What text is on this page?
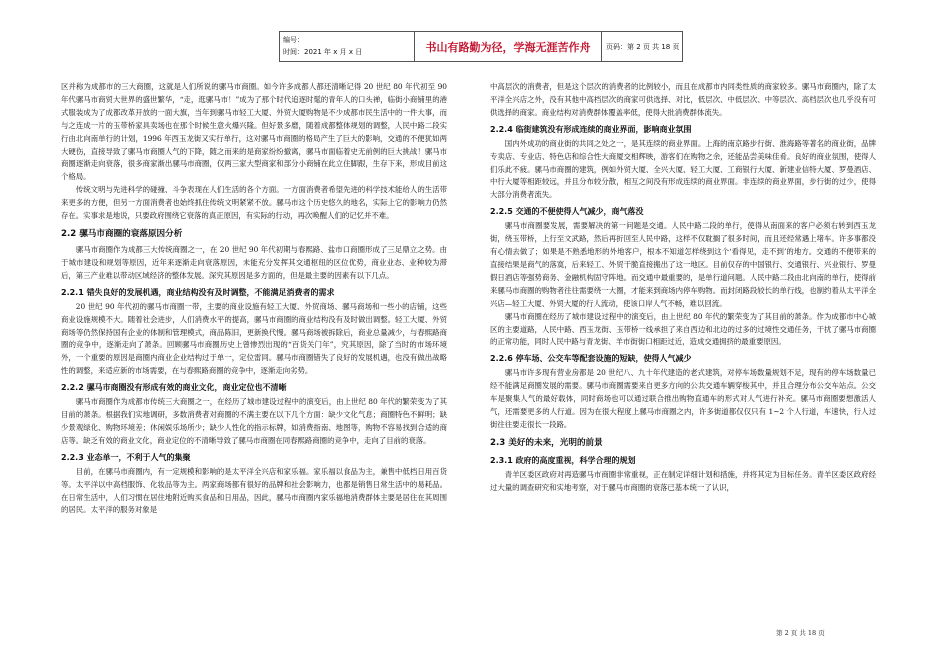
编号：
时间：2021 年 x 月 x 日	书山有路勤为径，学海无涯苦作舟 页码：第 2 页 共 18 页

区并称为成都市的三大商圈，这就是人们所说的骡马市商圈。如今许多成都人都还清晰记得 20 世纪 80 年代初至 90 年代骡马市商贸大世界的盛世繁华，“走，逛骡马市！”成为了那个时代追逐时髦的青年人的口头禅，临街小商铺里的港式服装成为了成都改革开放的一面大旗，当年到骡马市轻工大厦、外贸大厦购物是不少成都市民生活中的一件大事，而与之连成一片的玉带桥家具卖场也在那个时候生意火爆兴隆。但好景多磨，随着成都整体规划的调整，人民中路二段实行由北向南单行的计划，1996 年西玉龙街又实行单行，这对骡马市商圈的格局产生了巨大的影响，交通的不便犹如两大硬伤，直接导致了骡马市商圈人气的下降，随之而来的是商家纷纷撤离，骡马市面临着史无前例的巨大挑战！骡马市商圈逐渐走向衰落，很多商家渐出骡马市商圈，仅两三家大型商家和部分小商铺在此立住脚跟，生存下来，形成目前这个格局。

传统文明与先进科学的碰撞、斗争表现在人们生活的各个方面。一方面消费者希望先进的科学技术能给人的生活带来更多的方便，但另一方面消费者也始终抓住传统文明紧紧不放。骡马市这个历史悠久的地名，实际上它的影响力仍然存在。实事求是地说，只要政府围绕它衰落的真正原因，有实际的行动，再次唤醒人们的记忆并不难。

2.2 骡马市商圈的衰落原因分析

骡马市商圈作为成都三大传统商圈之一，在 20 世纪 90 年代初期与春熙路、盐市口商圈形成了三足鼎立之势。由于城市建设和规划等原因，近年来逐渐走向衰落原因，未能充分发挥其交通枢纽的区位优势，商业业态、业种较为滞后，第三产业难以带动区域经济的整体发展。深究其原因是多方面的，但是最主要的因素有以下几点。

2.2.1 错失良好的发展机遇，商业结构没有及时调整，不能满足消费者的需求

20 世纪 90 年代初的骡马市商圈一带，主要的商业设施有轻工大厦、外贸商场、骡马商场和一些小的店铺，这些商业设施规模不大。随着社会进步，人们消费水平的提高，骡马市商圈的商业结构没有及时做出调整。轻工大厦、外贸商场等仍然保持国有企业的体制和管理模式，商品陈旧，更新换代慢。骡马商场被拆除后，商业总量减少，与春熙路商圈的竞争中，逐渐走向了萧条。回顾骡马市商圈历史上曾惨烈出现的“百货关门年”，究其原因，除了当时的市场环境外，一个重要的原因是商圈内商业企业结构过于单一，定位雷同。骡马市商圈错失了良好的发展机遇，也没有做出战略性的调整，来适应新的市场需要，在与春熙路商圈的竞争中，逐渐走向劣势。

2.2.2 骡马市商圈没有形成有效的商业文化，商业定位也不清晰

骡马市商圈作为成都市传统三大商圈之一，在经历了城市建设过程中的演变后，由上世纪 80 年代的繁荣变为了其目前的萧条。根据我们实地调研，多数消费者对商圈的不满主要在以下几个方面：缺少文化气息；商圈特色不鲜明；缺少景观绿化、购物环境差；休闲娱乐场所少；缺少人性化的指示标牌，如消费指南、地图等，购物不容易找到合适的商店等。缺乏有效的商业文化，商业定位的不清晰导致了骡马市商圈在同春熙路商圈的竞争中，走向了目前的衰落。

2.2.3 业态单一，不利于人气的集聚

目前，在骡马市商圈内，有一定规模和影响的是太平洋全兴店和家乐福。家乐福以食品为主，兼售中低档日用百货等。太平洋以中高档服饰、化妆品等为主。两家商场都有很好的品牌和社会影响力，也都是销售日常生活中的易耗品。在日常生活中，人们习惯在居住地附近购买食品和日用品，因此，骡马市商圈内家乐福地消费群体主要是居住在其周围的居民。太平洋的服务对象是

中高层次的消费者，但是这个层次的消费者的比例较小，而且在成都市内同类性质的商家较多。骡马市商圈内，除了太平洋全兴店之外，没有其他中高档层次的商家可供选择、对比，低层次、中低层次、中等层次、高档层次也几乎没有可供选择的商家。商业结构对消费群体覆盖率低，使得大批消费群体流失。

2.2.4 临街建筑没有形成连续的商业界面，影响商业氛围

国内外成功的商业街的共同之处之一，是其连续的商业界面。上海的南京路步行街、淮海路等著名的商业街，品牌专卖店、专业店、特色店和综合性大商厦交相辉映，游客们在购物之余，还能品尝美味佳肴。良好的商业氛围，使得人们乐此不疲。骡马市商圈的建筑，例如外贸大厦、全兴大厦、轻工大厦、工商银行大厦、新建业信特大厦、罗曼酒店、中行大厦等相距较远，并且分布较分散，相互之间没有形成连续的商业界面。非连续的商业界面，步行街的过少，使得大部分消费者流失。

2.2.5 交通的不便使得人气减少，商气落没

骡马市商圈要发展，需要解决的第一问题是交通。人民中路二段的单行，使得从南面来的客户必须右转到西玉龙街，绕玉带桥，上行至文武路，然后再折回至人民中路，这样不仅耽搁了很多时间，而且还经常遇上堵车。许多事都没有心情去做了；如果是不熟悉地形的外地客户，根本不知道怎样绕到这个‘看得见，走不到’的地方。交通的不便带来的直接结果是商气的落寞，后来轻工、外贸干脆直接搬出了这一地区。目前仅存的中国银行、交通银行、兴业银行、罗曼假日酒店等强势商务、金融机构固守阵地。而交通中最重要的，是单行道问题。人民中路二段由北向南的单行，使得前来骡马市商圈的购物者往往需要绕一大圈，才能来到商场内停车购物。而封闭路段较长的单行线，也制约着从太平洋全兴店—轻工大厦、外贸大厦的行人流动，使该口岸人气不畅，难以回流。

骡马市商圈在经历了城市建设过程中的演变后，由上世纪 80 年代的繁荣变为了其目前的萧条。作为成都市中心城区的主要道路，人民中路、西玉龙街、玉带桥一线承担了来自西边和北边的过多的过境性交通任务，干扰了骡马市商圈的正常功能，同时人民中路与青龙街、羊市街街口相距过近，造成交通拥挤的最重要原因。

2.2.6 停车场、公交车等配套设施的短缺，使得人气减少

骡马市许多现有营业房都是 20 世纪八、九十年代建造的老式建筑，对停车场数量规划不足，现有的停车场数量已经不能满足商圈发展的需要。骡马市商圈需要来自更多方向的公共交通车辆穿梭其中，并且合理分布公交车站点。公交车是聚集人气的最好载体，同时商场也可以通过联合推出购物直通车的形式对人气进行补充。骡马市商圈要想激活人气，还需要更多的人行道。因为在很大程度上骡马市商圈之内，许多街道都仅仅只有 1~2 个人行道，车速快，行人过街往往要走很长一段路。

2.3 美好的未来，光明的前景
2.3.1 政府的高度重视，科学合理的规划

青羊区委区政府对再造骡马市商圈非常重视，正在制定详细计划和措施，并将其定为目标任务。青羊区委区政府经过大量的调查研究和实地考察，对于骡马市商圈的衰落已基本统一了认识，

第 2 页 共 18 页
